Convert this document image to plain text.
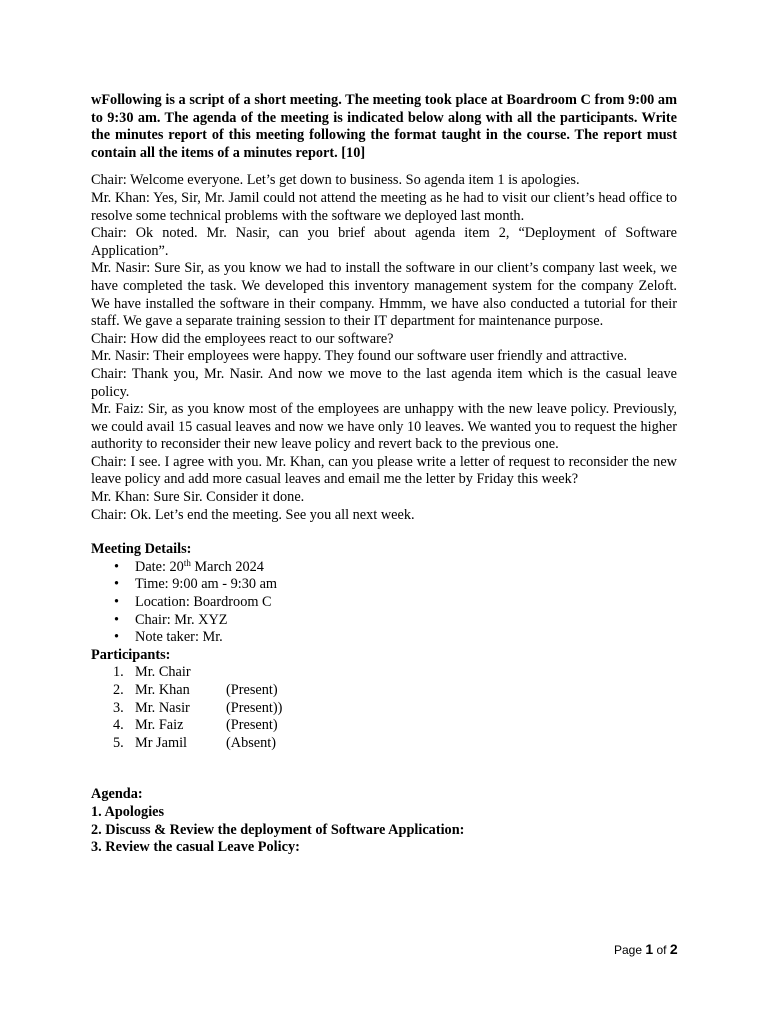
wFollowing is a script of a short meeting. The meeting took place at Boardroom C from 9:00 am to 9:30 am. The agenda of the meeting is indicated below along with all the participants. Write the minutes report of this meeting following the format taught in the course. The report must contain all the items of a minutes report. [10]

Chair: Welcome everyone. Let’s get down to business. So agenda item 1 is apologies.

Mr. Khan: Yes, Sir, Mr. Jamil could not attend the meeting as he had to visit our client’s head office to resolve some technical problems with the software we deployed last month.

Chair: Ok noted. Mr. Nasir, can you brief about agenda item 2, “Deployment of Software Application”.

Mr. Nasir: Sure Sir, as you know we had to install the software in our client’s company last week, we have completed the task. We developed this inventory management system for the company Zeloft. We have installed the software in their company. Hmmm, we have also conducted a tutorial for their staff. We gave a separate training session to their IT department for maintenance purpose.

Chair: How did the employees react to our software?

Mr. Nasir: Their employees were happy. They found our software user friendly and attractive.

Chair: Thank you, Mr. Nasir. And now we move to the last agenda item which is the casual leave policy.

Mr. Faiz: Sir, as you know most of the employees are unhappy with the new leave policy. Previously, we could avail 15 casual leaves and now we have only 10 leaves. We wanted you to request the higher authority to reconsider their new leave policy and revert back to the previous one.

Chair: I see. I agree with you. Mr. Khan, can you please write a letter of request to reconsider the new leave policy and add more casual leaves and email me the letter by Friday this week?

Mr. Khan: Sure Sir. Consider it done.

Chair: Ok. Let’s end the meeting. See you all next week.

Meeting Details:

• Date: 20th March 2024
• Time: 9:00 am - 9:30 am
• Location: Boardroom C
• Chair: Mr. XYZ
• Note taker: Mr.

Participants:

1. Mr. Chair
2. Mr. Khan	(Present)
3. Mr. Nasir	(Present))
4. Mr. Faiz	(Present)
5. Mr Jamil	(Absent)

Agenda:

1. Apologies

2. Discuss & Review the deployment of Software Application:

3. Review the casual Leave Policy:

Page 1 of 2
